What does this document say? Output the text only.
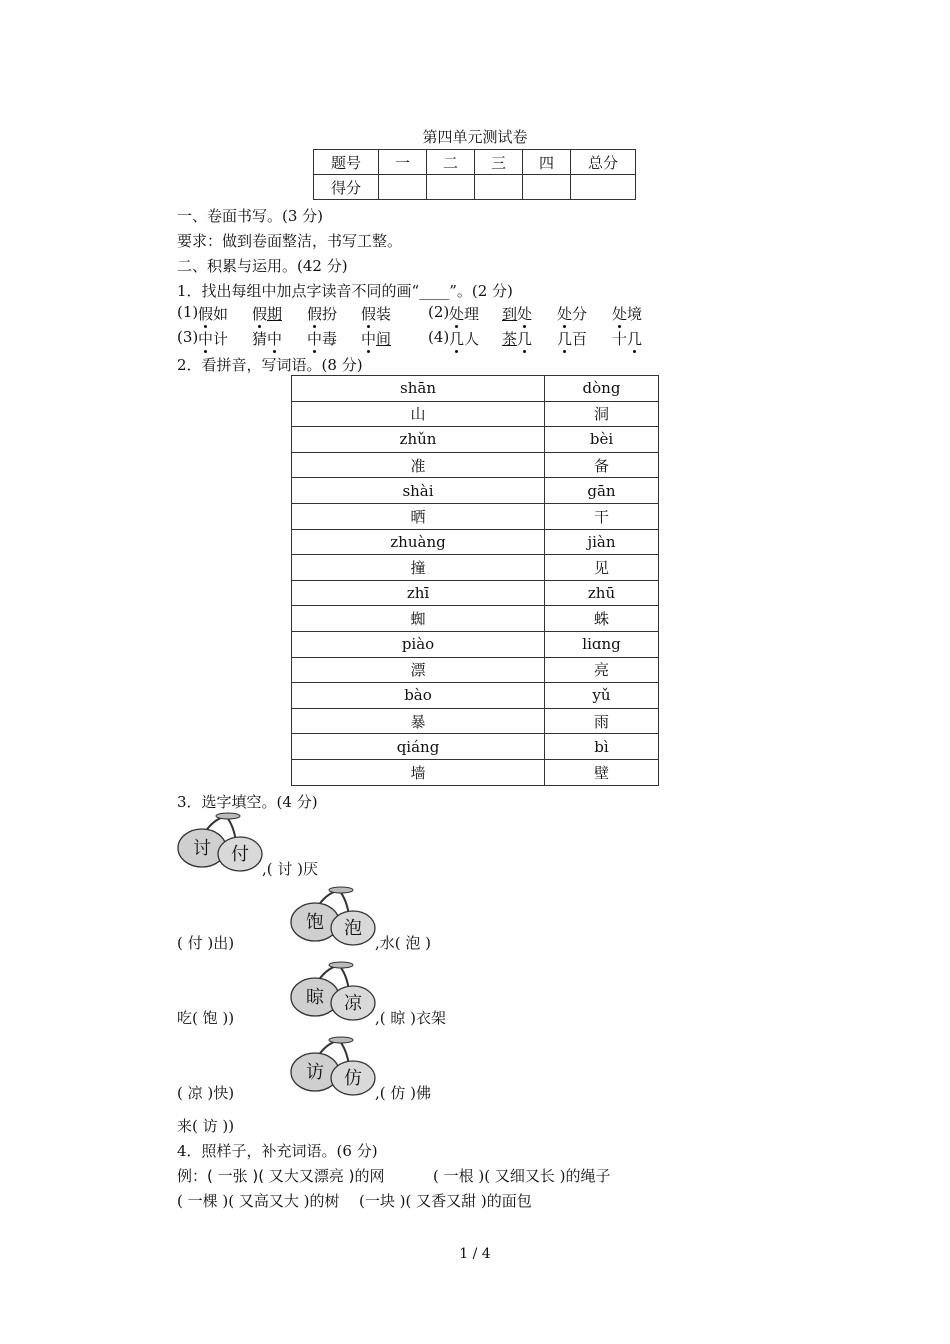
第四单元测试卷
题号	一	二	三	四	总分
得分					
一、卷面书写。(3 分)
要求：做到卷面整洁，书写工整。
二、积累与运用。(42 分)
1．找出每组中加点字读音不同的画“____”。(2 分)
(1) 假如 假期 假扮 假装 (2) 处理 到处 处分 处境
(3) 中计 猜中 中毒 中间 (4) 几人 茶几 几百 十几
2．看拼音，写词语。(8 分)
shān	dòng
山	洞
zhǔn	bèi
准	备
shài	gān
晒	干
zhuàng	jiàn
撞	见
zhī	zhū
蜘	蛛
piào	liɑng
漂	亮
bào	yǔ
暴	雨
qiáng	bì
墙	壁
3．选字填空。(4 分)
讨 付
,( 讨 )厌
( 付 )出)
饱 泡
,水( 泡 )
吃( 饱 ))
晾 凉
,( 晾 )衣架
( 凉 )快)
访 仿
,( 仿 )佛
来( 访 ))
4．照样子，补充词语。(6 分)
例：( 一张 )( 又大又漂亮 )的网	( 一根 )( 又细又长 )的绳子
( 一棵 )( 又高又大 )的树 (一块 )( 又香又甜 )的面包
1 / 4
